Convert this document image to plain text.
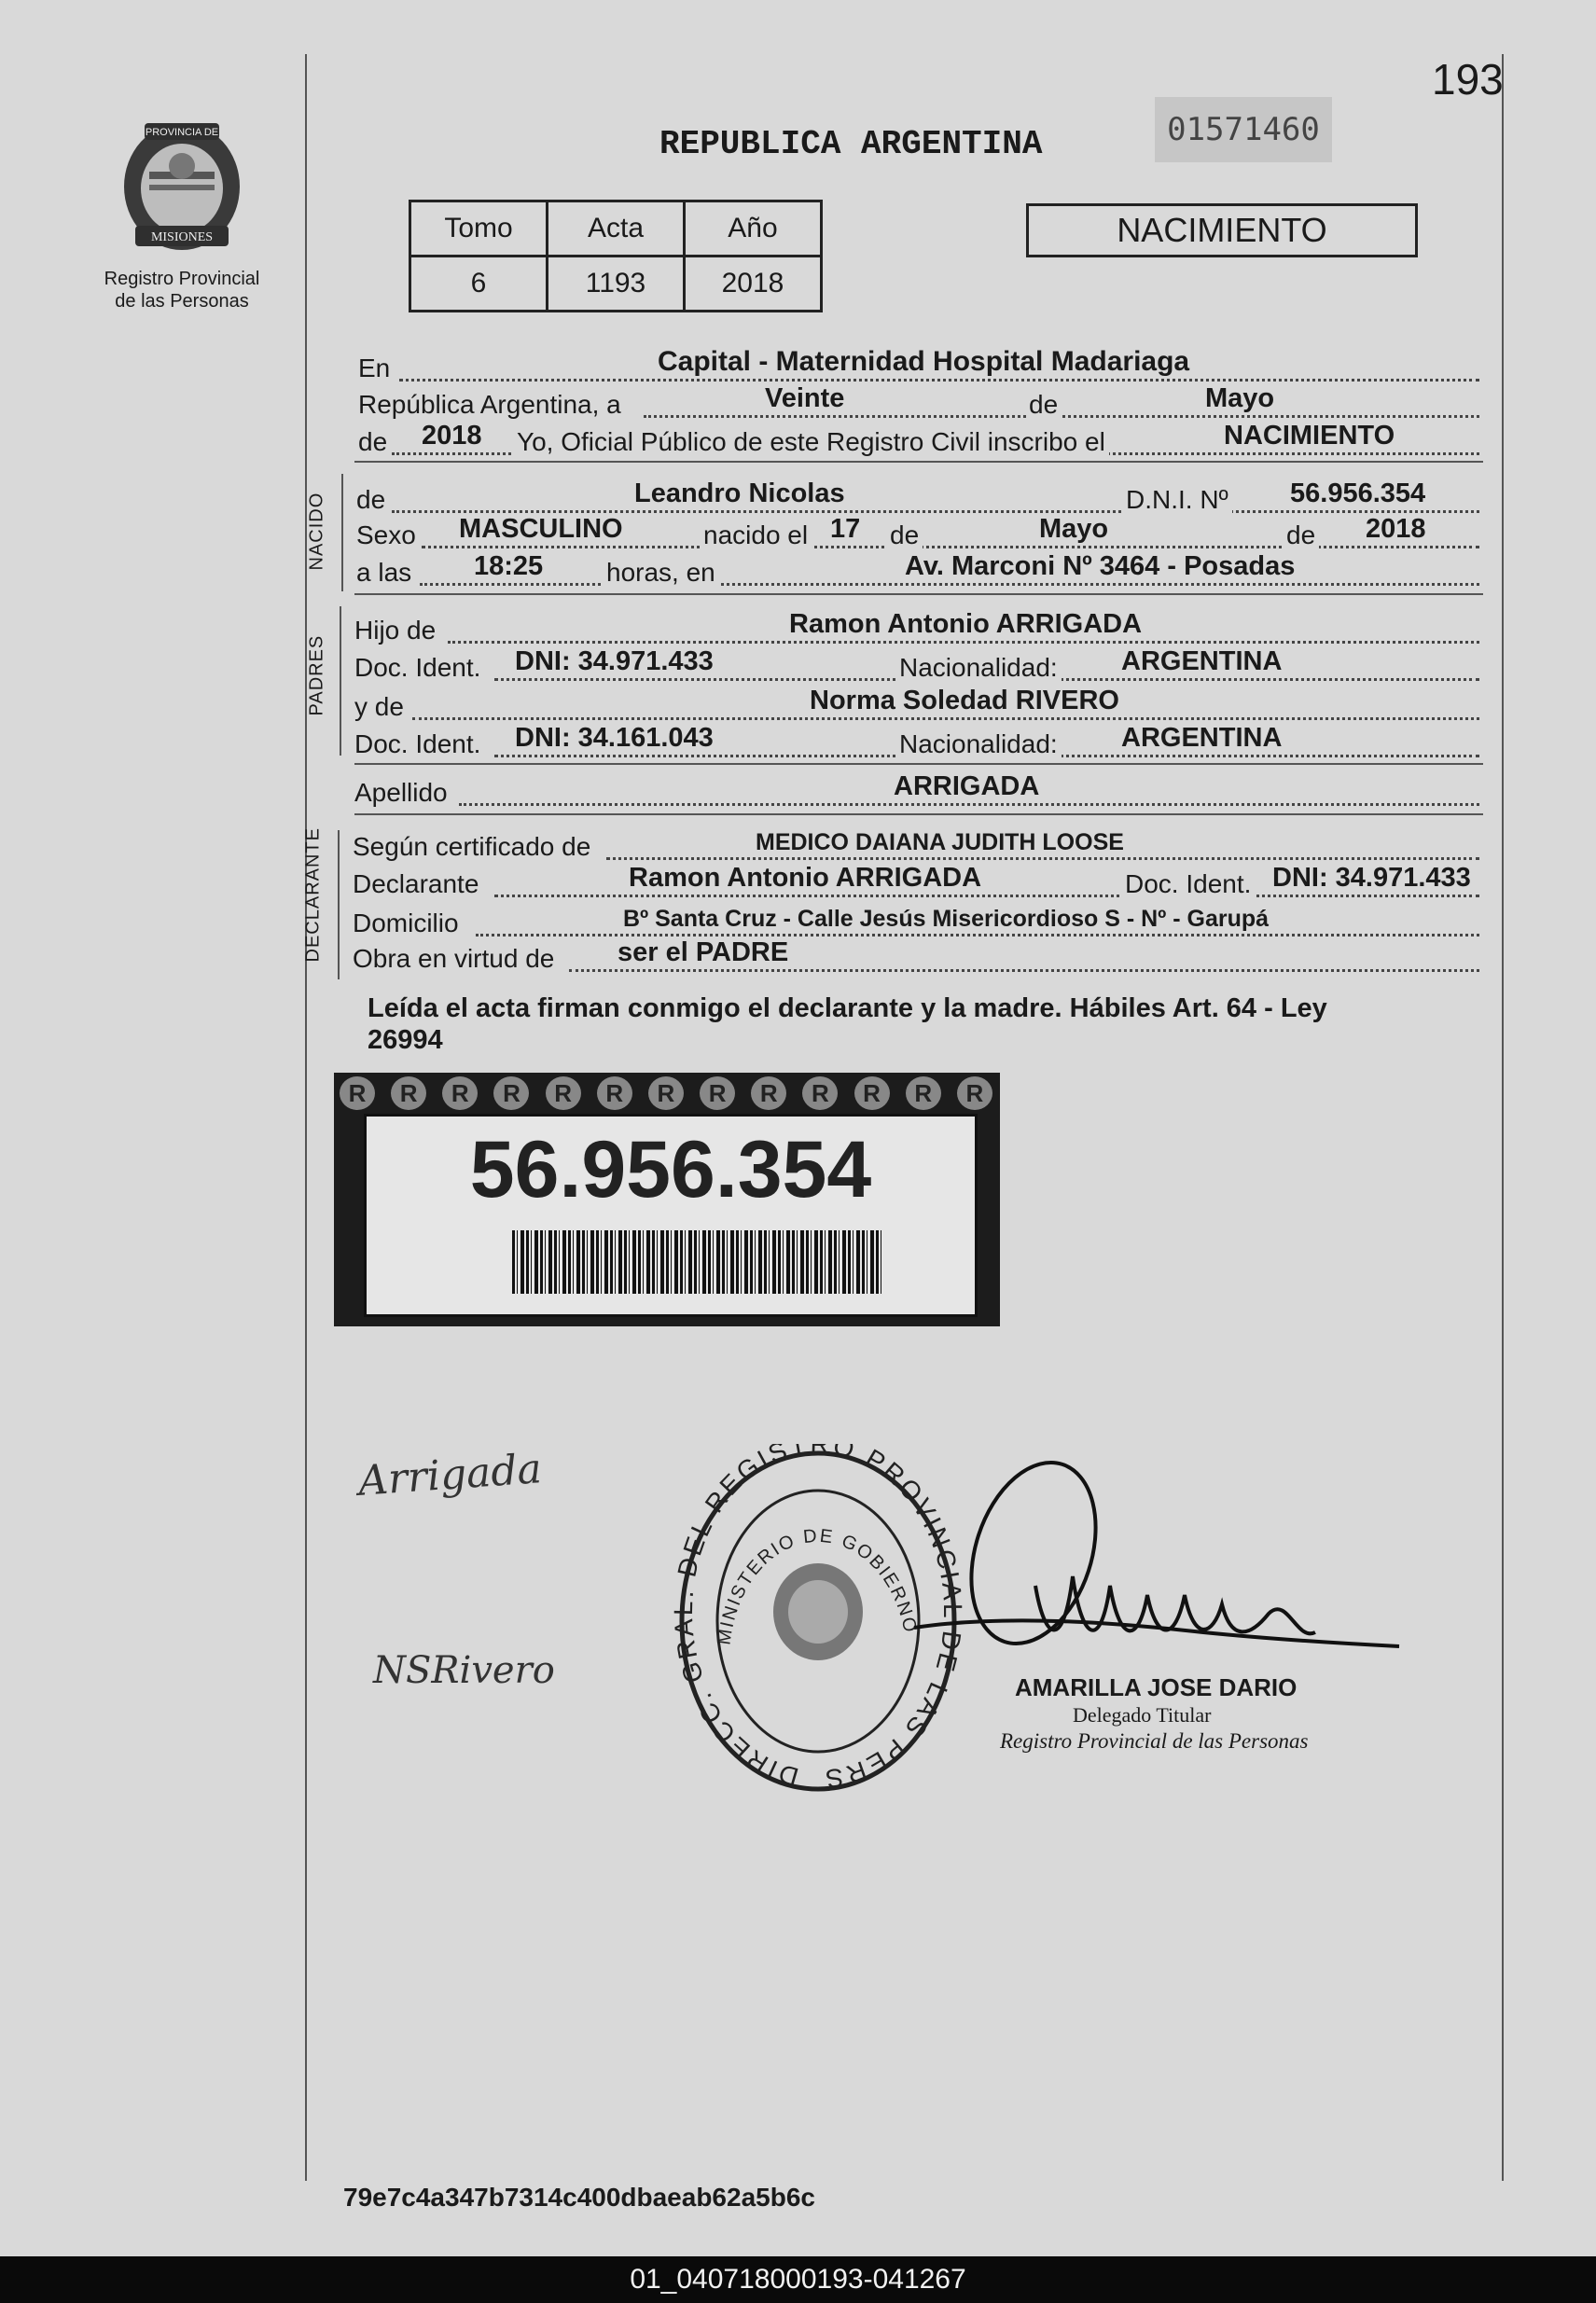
193
PROVINCIA DE
MISIONES
Registro Provincial
de las Personas
REPUBLICA ARGENTINA	01571460
Tomo	Acta	Año
6	1193	2018
NACIMIENTO
En	Capital - Maternidad Hospital Madariaga
República Argentina, a	Veinte	de	Mayo
de 2018 Yo, Oficial Público de este Registro Civil inscribo el	NACIMIENTO
NACIDO de	Leandro Nicolas	D.N.I. Nº 56.956.354
Sexo MASCULINO	nacido el 17 de	Mayo	de 2018
a las 18:25 horas, en	Av. Marconi Nº 3464 - Posadas
PADRES
Hijo de	Ramon Antonio ARRIGADA
Doc. Ident. DNI: 34.971.433	Nacionalidad: ARGENTINA
y de	Norma Soledad RIVERO
Doc. Ident. DNI: 34.161.043	Nacionalidad: ARGENTINA
Apellido	ARRIGADA
DECLARANTE Según certificado de	MEDICO DAIANA JUDITH LOOSE
Declarante	Ramon Antonio ARRIGADA	Doc. Ident. DNI: 34.971.433
Domicilio	Bº Santa Cruz - Calle Jesús Misericordioso S - Nº - Garupá
Obra en virtud de ser el PADRE
Leída el acta firman conmigo el declarante y la madre. Hábiles Art. 64 - Ley
26994
R	R	R	R	R	R	R	R	R	R	R	R	R
56.956.354
Arrigada
NSRivero
DIRECC. GR DEL REGISTRO PROVINCI E LAS PERS
MINISTERIO DE GOBIERNO
AMARILLA JOSE DARIO
Delegado Titular
Registro Provincial de las Personas
79e7c4a347b7314c400dbaeab62a5b6c
01_040718000193-041267
